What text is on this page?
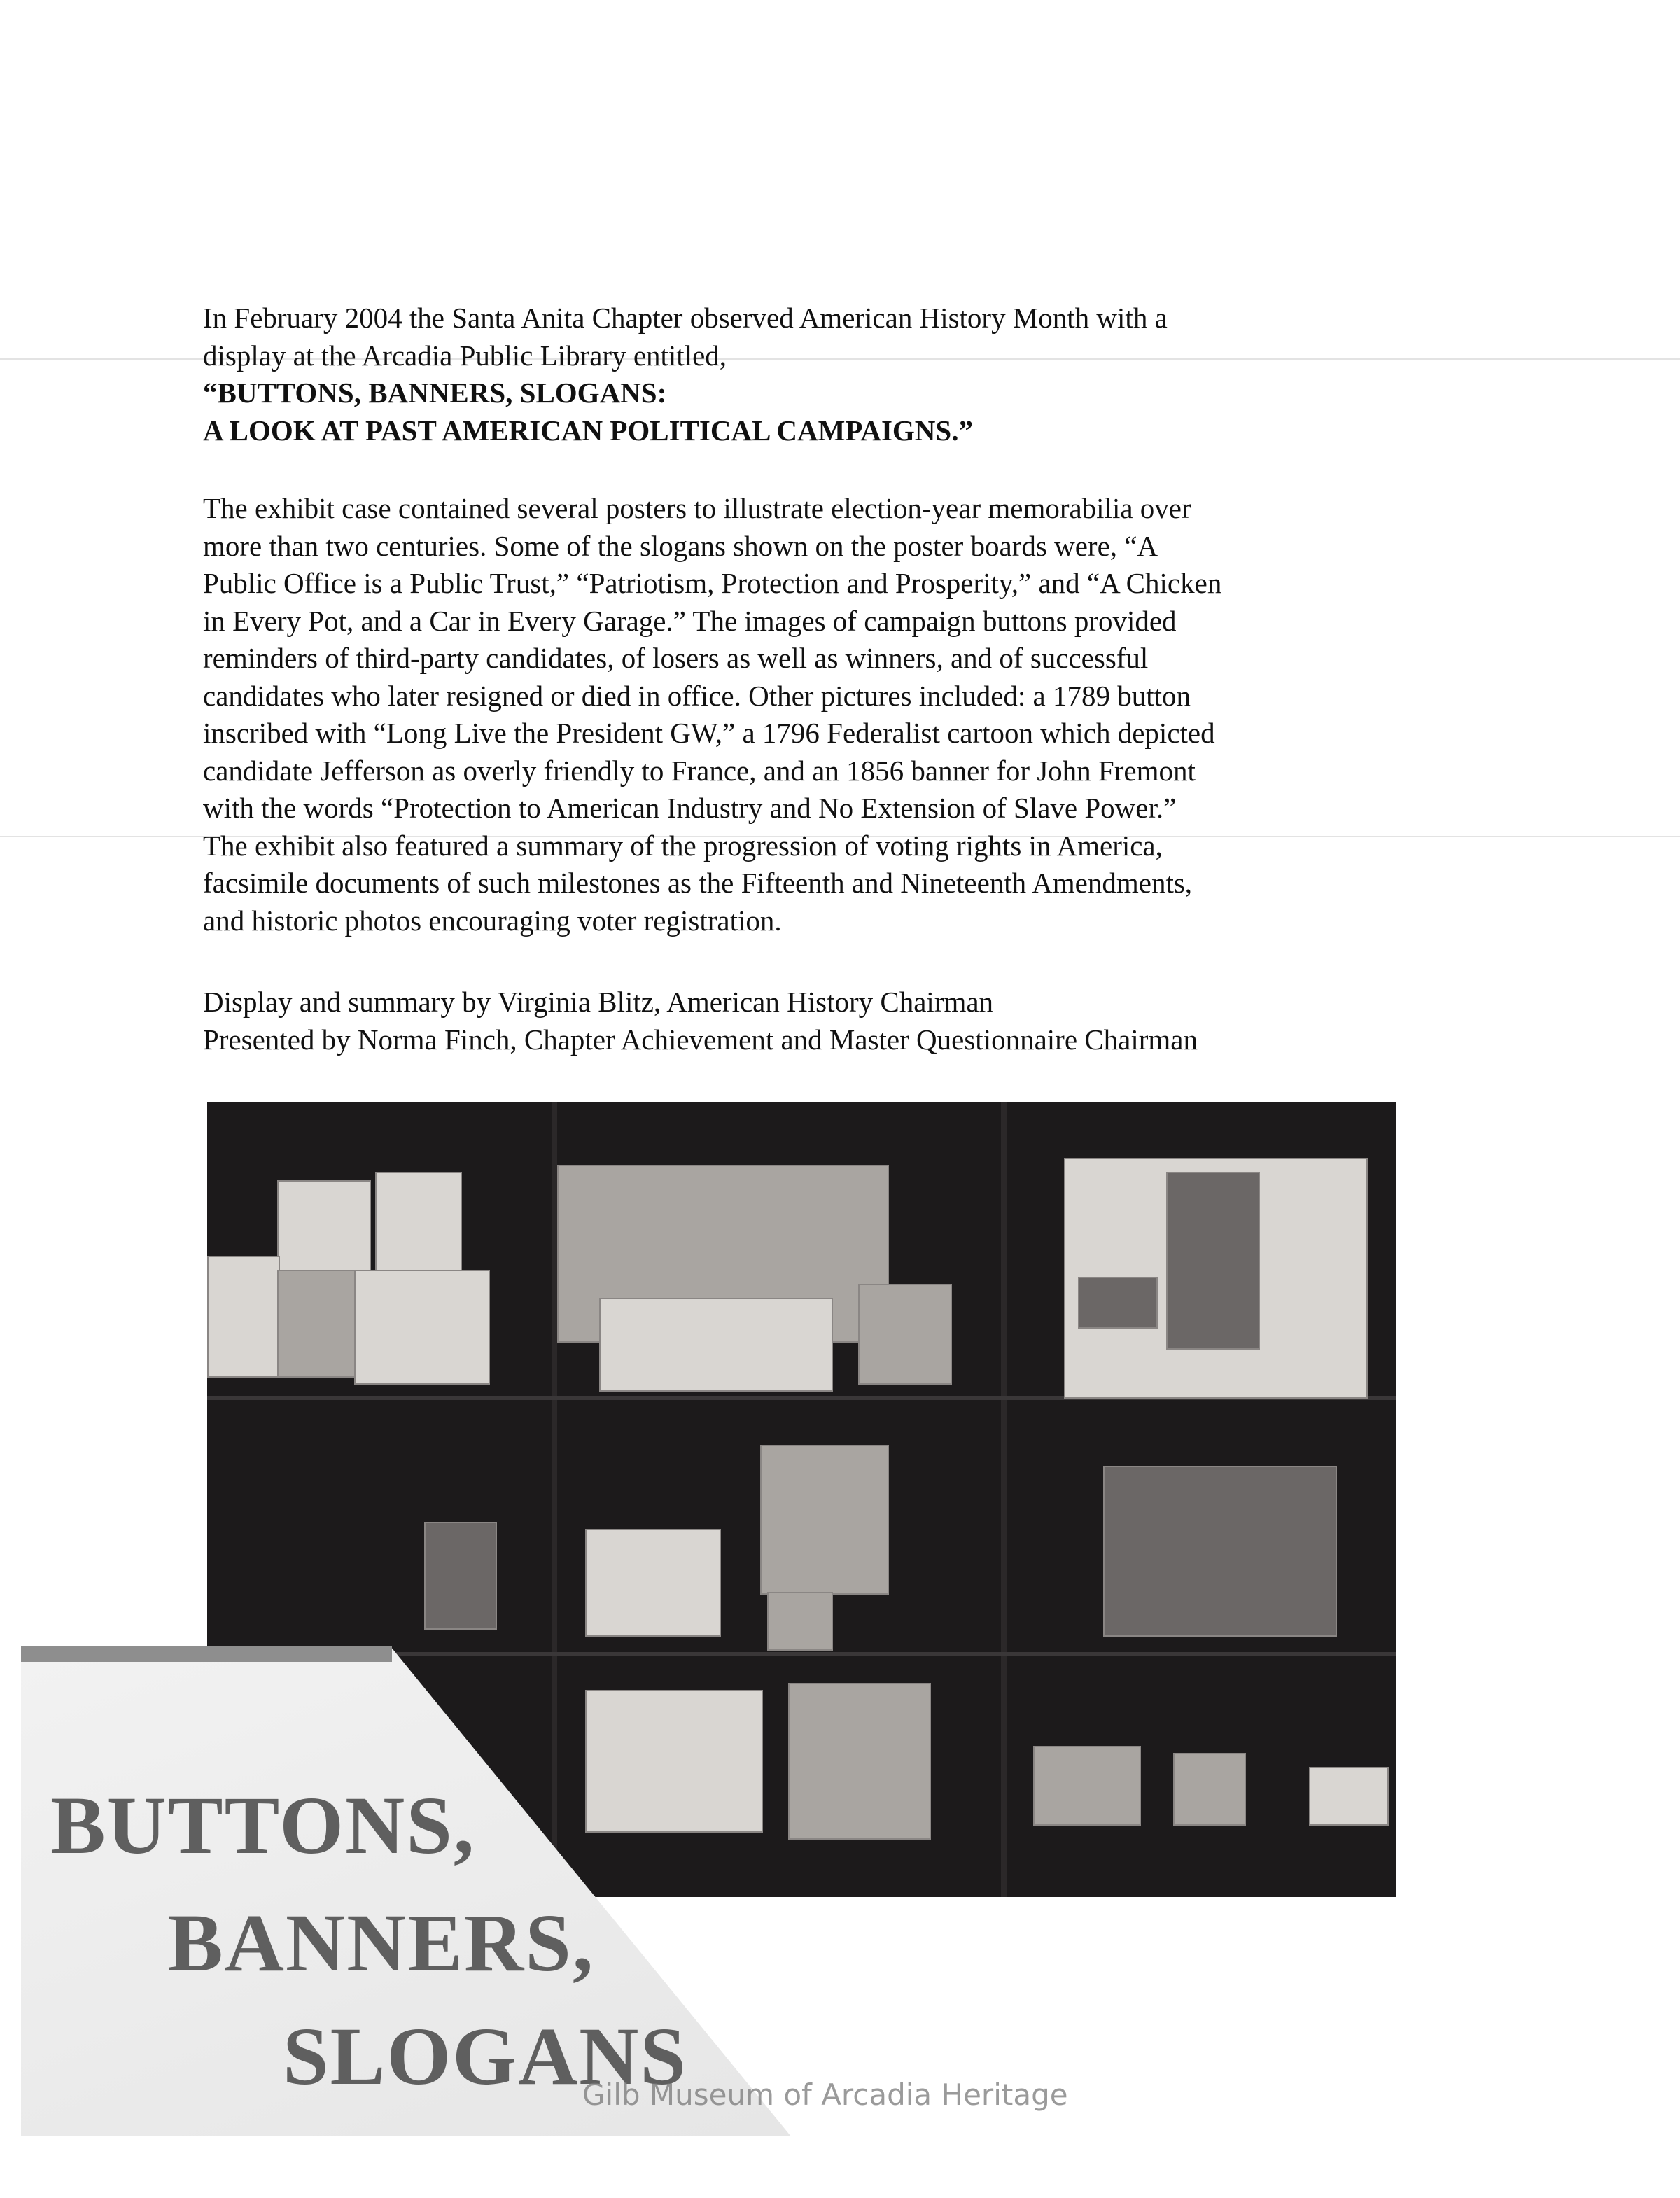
In February 2004 the Santa Anita Chapter observed American History Month with a

display at the Arcadia Public Library entitled,

“BUTTONS, BANNERS, SLOGANS:

A LOOK AT PAST AMERICAN POLITICAL CAMPAIGNS.”

The exhibit case contained several posters to illustrate election-year memorabilia over

more than two centuries. Some of the slogans shown on the poster boards were, “A

Public Office is a Public Trust,” “Patriotism, Protection and Prosperity,” and “A Chicken

in Every Pot, and a Car in Every Garage.” The images of campaign buttons provided

reminders of third-party candidates, of losers as well as winners, and of successful

candidates who later resigned or died in office. Other pictures included: a 1789 button

inscribed with “Long Live the President GW,” a 1796 Federalist cartoon which depicted

candidate Jefferson as overly friendly to France, and an 1856 banner for John Fremont

with the words “Protection to American Industry and No Extension of Slave Power.”

The exhibit also featured a summary of the progression of voting rights in America,

facsimile documents of such milestones as the Fifteenth and Nineteenth Amendments,

and historic photos encouraging voter registration.

Display and summary by Virginia Blitz, American History Chairman

Presented by Norma Finch, Chapter Achievement and Master Questionnaire Chairman

BUTTONS,
BANNERS,
SLOGANS
Gilb Museum of Arcadia Heritage
